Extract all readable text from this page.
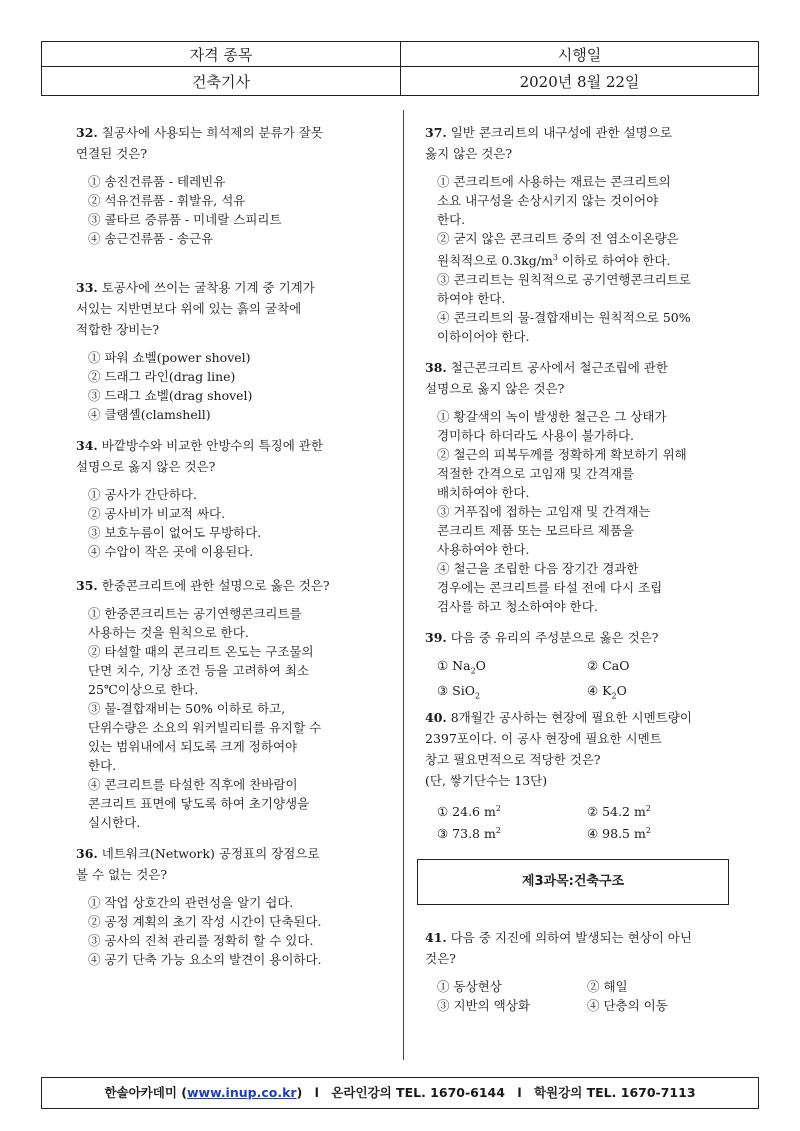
자격 종목	시행일
건축기사	2020년 8월 22일
32. 칠공사에 사용되는 희석제의 분류가 잘못
연결된 것은?
① 송진건류품 - 테레빈유
② 석유건류품 - 휘발유, 석유
③ 콜타르 증류품 - 미네랄 스피리트
④ 송근건류품 - 송근유
33. 토공사에 쓰이는 굴착용 기계 중 기계가
서있는 지반면보다 위에 있는 흙의 굴착에
적합한 장비는?
① 파워 쇼벨(power shovel)
② 드래그 라인(drag line)
③ 드래그 쇼벨(drag shovel)
④ 클램셸(clamshell)
34. 바깥방수와 비교한 안방수의 특징에 관한
설명으로 옳지 않은 것은?
① 공사가 간단하다.
② 공사비가 비교적 싸다.
③ 보호누름이 없어도 무방하다.
④ 수압이 작은 곳에 이용된다.
35. 한중콘크리트에 관한 설명으로 옳은 것은?
① 한중콘크리트는 공기연행콘크리트를
사용하는 것을 원칙으로 한다.
② 타설할 때의 콘크리트 온도는 구조물의
단면 치수, 기상 조건 등을 고려하여 최소
25℃이상으로 한다.
③ 물-결합재비는 50% 이하로 하고,
단위수량은 소요의 워커빌리티를 유지할 수
있는 범위내에서 되도록 크게 정하여야
한다.
④ 콘크리트를 타설한 직후에 찬바람이
콘크리트 표면에 닿도록 하여 초기양생을
실시한다.
36. 네트워크(Network) 공정표의 장점으로
볼 수 없는 것은?
① 작업 상호간의 관련성을 알기 쉽다.
② 공정 계획의 초기 작성 시간이 단축된다.
③ 공사의 진척 관리를 정확히 할 수 있다.
④ 공기 단축 가능 요소의 발견이 용이하다.
37. 일반 콘크리트의 내구성에 관한 설명으로
옳지 않은 것은?
① 콘크리트에 사용하는 재료는 콘크리트의
소요 내구성을 손상시키지 않는 것이어야
한다.
② 굳지 않은 콘크리트 중의 전 염소이온량은
원칙적으로 $0.3kg/m^3$ 이하로 하여야 한다.
③ 콘크리트는 원칙적으로 공기연행콘크리트로
하여야 한다.
④ 콘크리트의 물-결합재비는 원칙적으로 50%
이하이어야 한다.
38. 철근콘크리트 공사에서 철근조립에 관한
설명으로 옳지 않은 것은?
① 황갈색의 녹이 발생한 철근은 그 상태가
경미하다 하더라도 사용이 불가하다.
② 철근의 피복두께를 정확하게 확보하기 위해
적절한 간격으로 고임재 및 간격재를
배치하여야 한다.
③ 거푸집에 접하는 고임재 및 간격재는
콘크리트 제품 또는 모르타르 제품을
사용하여야 한다.
④ 철근을 조립한 다음 장기간 경과한
경우에는 콘크리트를 타설 전에 다시 조립
검사를 하고 청소하여야 한다.
39. 다음 중 유리의 주성분으로 옳은 것은?
① $Na_2O$	② CaO
③ SiO$_2$	④ $K_2O$
40. 8개월간 공사하는 현장에 필요한 시멘트량이
2397포이다. 이 공사 현장에 필요한 시멘트
창고 필요면적으로 적당한 것은?
(단, 쌓기단수는 13단)
① 24.6 $m^2$	② 54.2 $m^2$
③ 73.8 $m^2$	④ 98.5 $m^2$
제3과목:건축구조
41. 다음 중 지진에 의하여 발생되는 현상이 아닌
것은?
① 동상현상	② 해일
③ 지반의 액상화	④ 단층의 이동
한솔아카데미 (www.inup.co.kr) l 온라인강의 TEL. 1670-6144 l 학원강의 TEL. 1670-7113
